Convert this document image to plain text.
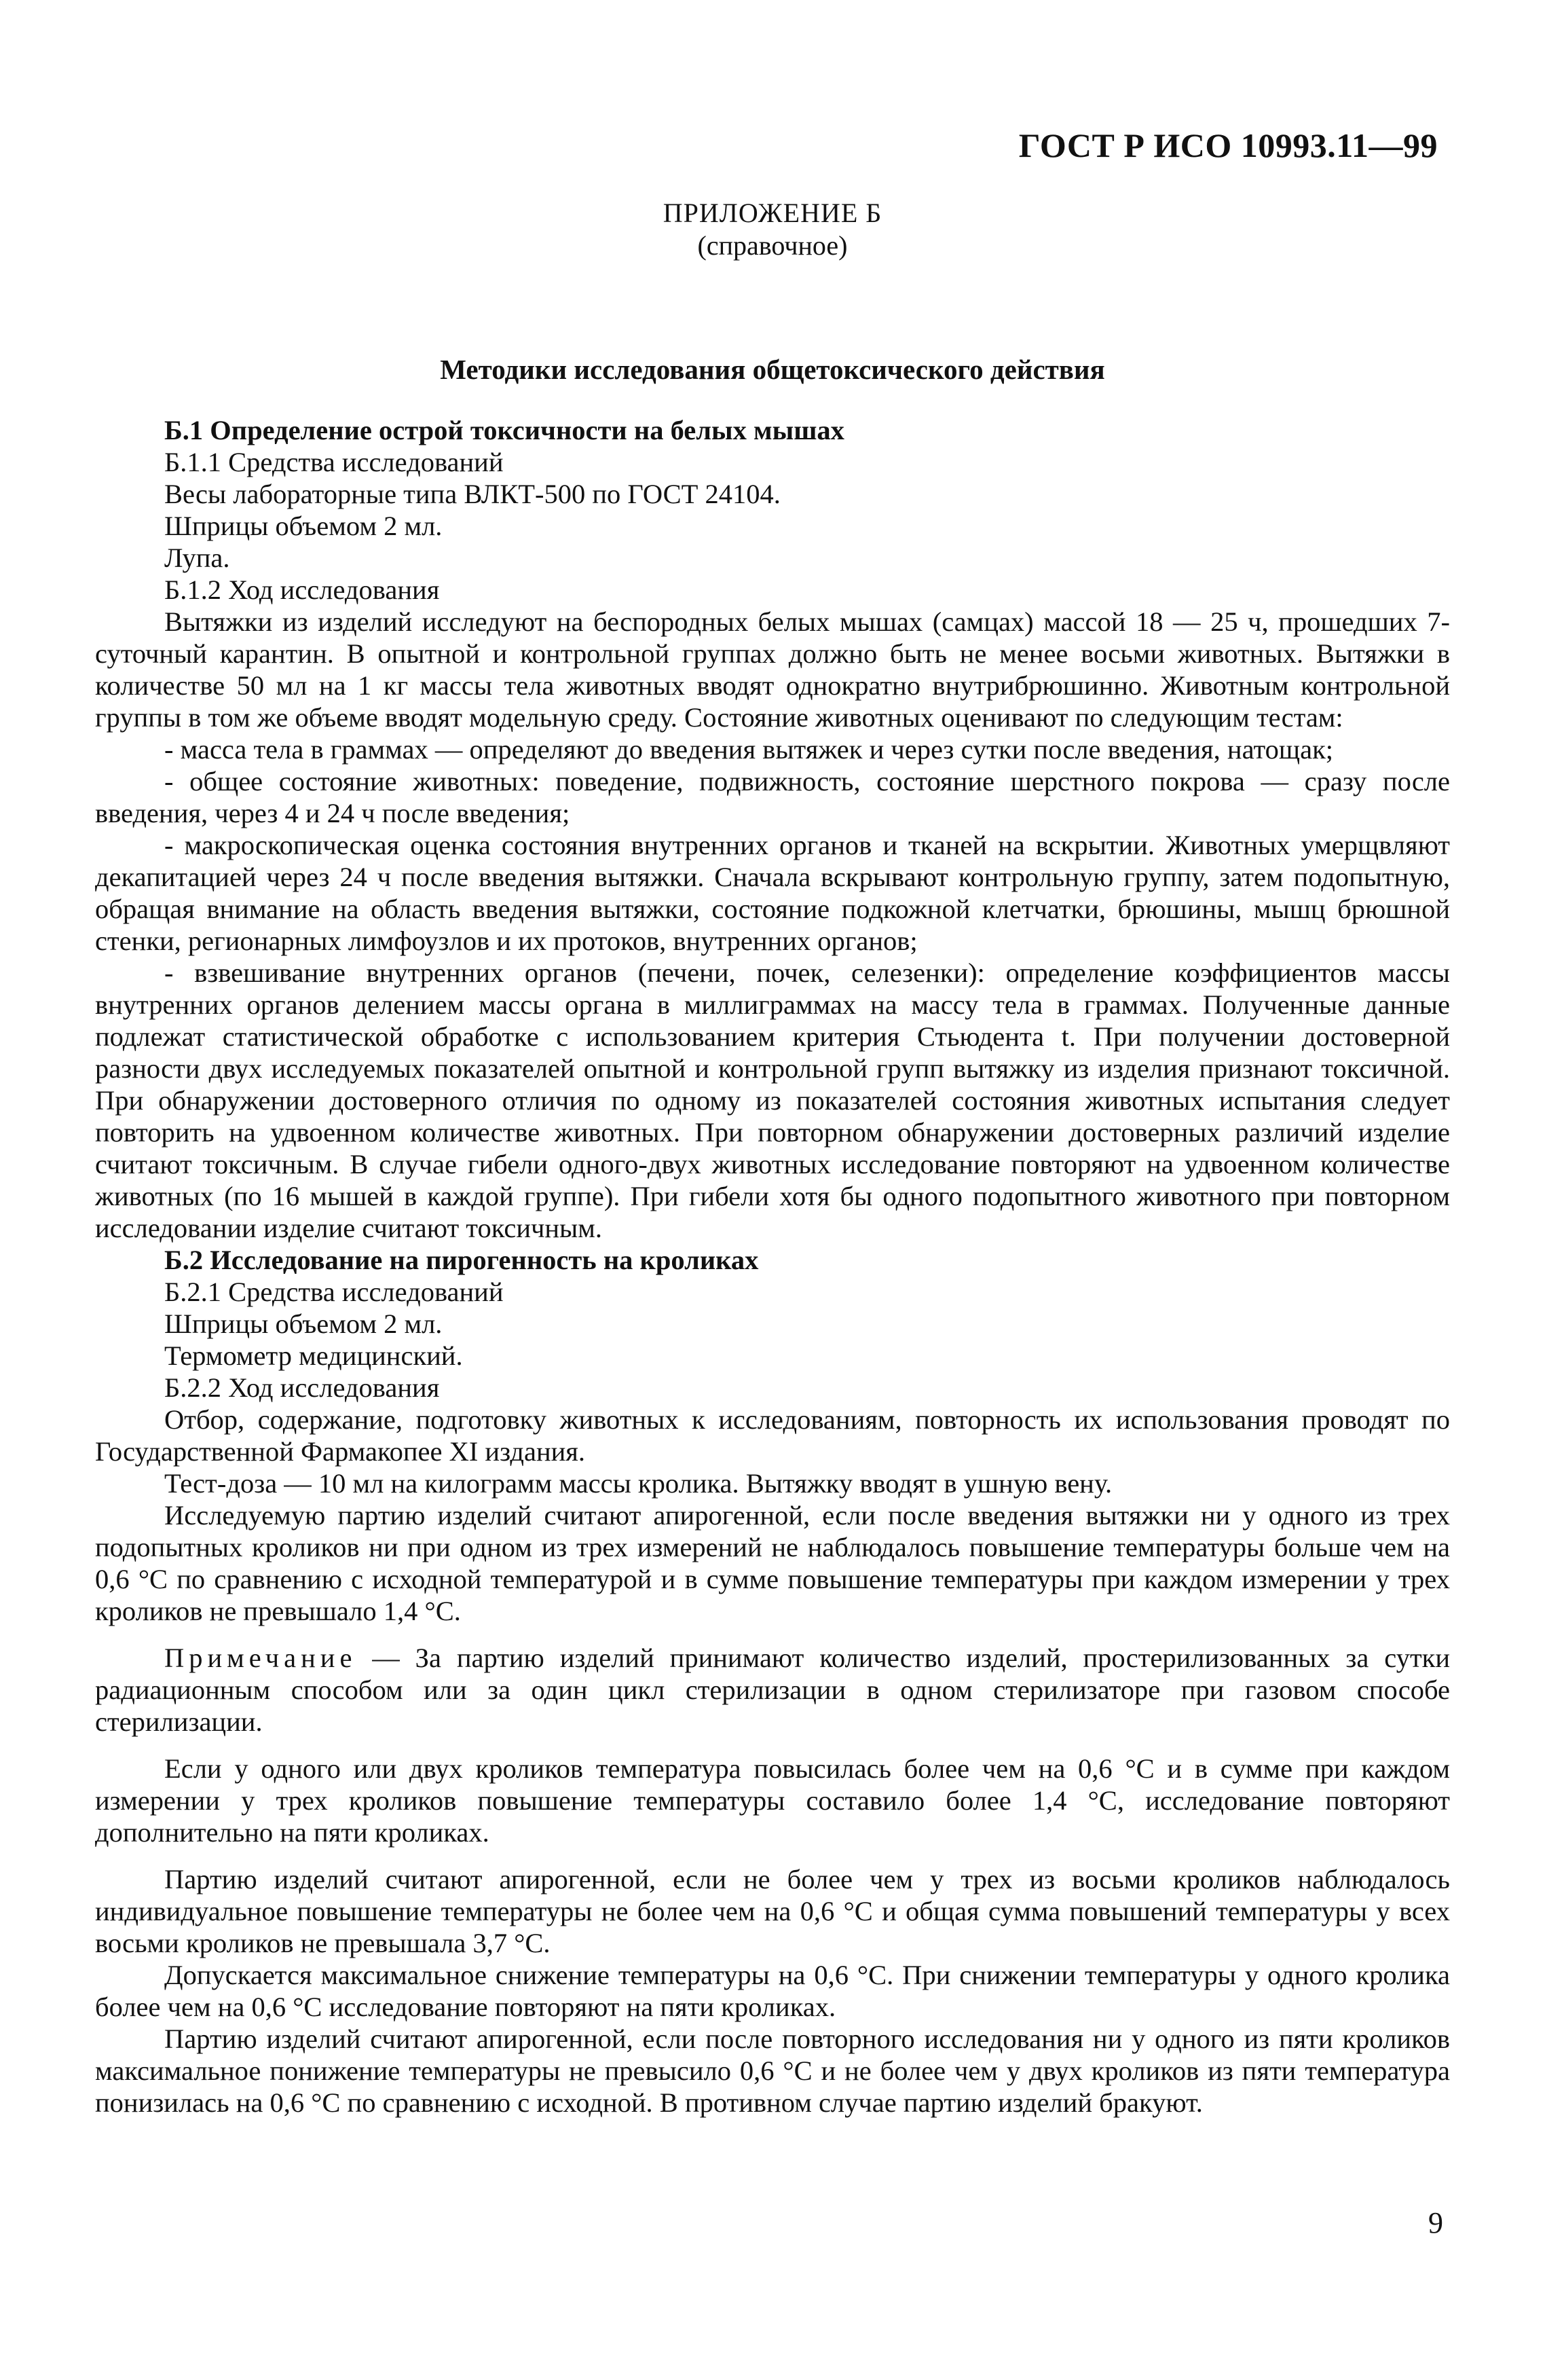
ГОСТ Р ИСО 10993.11—99
ПРИЛОЖЕНИЕ Б
(справочное)
Методики исследования общетоксического действия

Б.1 Определение острой токсичности на белых мышах

Б.1.1 Средства исследований

Весы лабораторные типа ВЛКТ-500 по ГОСТ 24104.

Шприцы объемом 2 мл.

Лупа.

Б.1.2 Ход исследования

Вытяжки из изделий исследуют на беспородных белых мышах (самцах) массой 18 — 25 ч, прошедших 7-суточный карантин. В опытной и контрольной группах должно быть не менее восьми животных. Вытяжки в количестве 50 мл на 1 кг массы тела животных вводят однократно внутрибрюшинно. Животным контрольной группы в том же объеме вводят модельную среду. Состояние животных оценивают по следующим тестам:

- масса тела в граммах — определяют до введения вытяжек и через сутки после введения, натощак;

- общее состояние животных: поведение, подвижность, состояние шерстного покрова — сразу после введения, через 4 и 24 ч после введения;

- макроскопическая оценка состояния внутренних органов и тканей на вскрытии. Животных умерщвляют декапитацией через 24 ч после введения вытяжки. Сначала вскрывают контрольную группу, затем подопытную, обращая внимание на область введения вытяжки, состояние подкожной клетчатки, брюшины, мышц брюшной стенки, регионарных лимфоузлов и их протоков, внутренних органов;

- взвешивание внутренних органов (печени, почек, селезенки): определение коэффициентов массы внутренних органов делением массы органа в миллиграммах на массу тела в граммах. Полученные данные подлежат статистической обработке с использованием критерия Стьюдента t. При получении достоверной разности двух исследуемых показателей опытной и контрольной групп вытяжку из изделия признают токсичной. При обнаружении достоверного отличия по одному из показателей состояния животных испытания следует повторить на удвоенном количестве животных. При повторном обнаружении достоверных различий изделие считают токсичным. В случае гибели одного-двух животных исследование повторяют на удвоенном количестве животных (по 16 мышей в каждой группе). При гибели хотя бы одного подопытного животного при повторном исследовании изделие считают токсичным.

Б.2 Исследование на пирогенность на кроликах

Б.2.1 Средства исследований

Шприцы объемом 2 мл.

Термометр медицинский.

Б.2.2 Ход исследования

Отбор, содержание, подготовку животных к исследованиям, повторность их использования проводят по Государственной Фармакопее XI издания.

Тест-доза — 10 мл на килограмм массы кролика. Вытяжку вводят в ушную вену.

Исследуемую партию изделий считают апирогенной, если после введения вытяжки ни у одного из трех подопытных кроликов ни при одном из трех измерений не наблюдалось повышение температуры больше чем на 0,6 °С по сравнению с исходной температурой и в сумме повышение температуры при каждом измерении у трех кроликов не превышало 1,4 °С.

Примечание — За партию изделий принимают количество изделий, простерилизованных за сутки радиационным способом или за один цикл стерилизации в одном стерилизаторе при газовом способе стерилизации.

Если у одного или двух кроликов температура повысилась более чем на 0,6 °С и в сумме при каждом измерении у трех кроликов повышение температуры составило более 1,4 °С, исследование повторяют дополнительно на пяти кроликах.

Партию изделий считают апирогенной, если не более чем у трех из восьми кроликов наблюдалось индивидуальное повышение температуры не более чем на 0,6 °С и общая сумма повышений температуры у всех восьми кроликов не превышала 3,7 °С.

Допускается максимальное снижение температуры на 0,6 °С. При снижении температуры у одного кролика более чем на 0,6 °С исследование повторяют на пяти кроликах.

Партию изделий считают апирогенной, если после повторного исследования ни у одного из пяти кроликов максимальное понижение температуры не превысило 0,6 °С и не более чем у двух кроликов из пяти температура понизилась на 0,6 °С по сравнению с исходной. В противном случае партию изделий бракуют.

9
